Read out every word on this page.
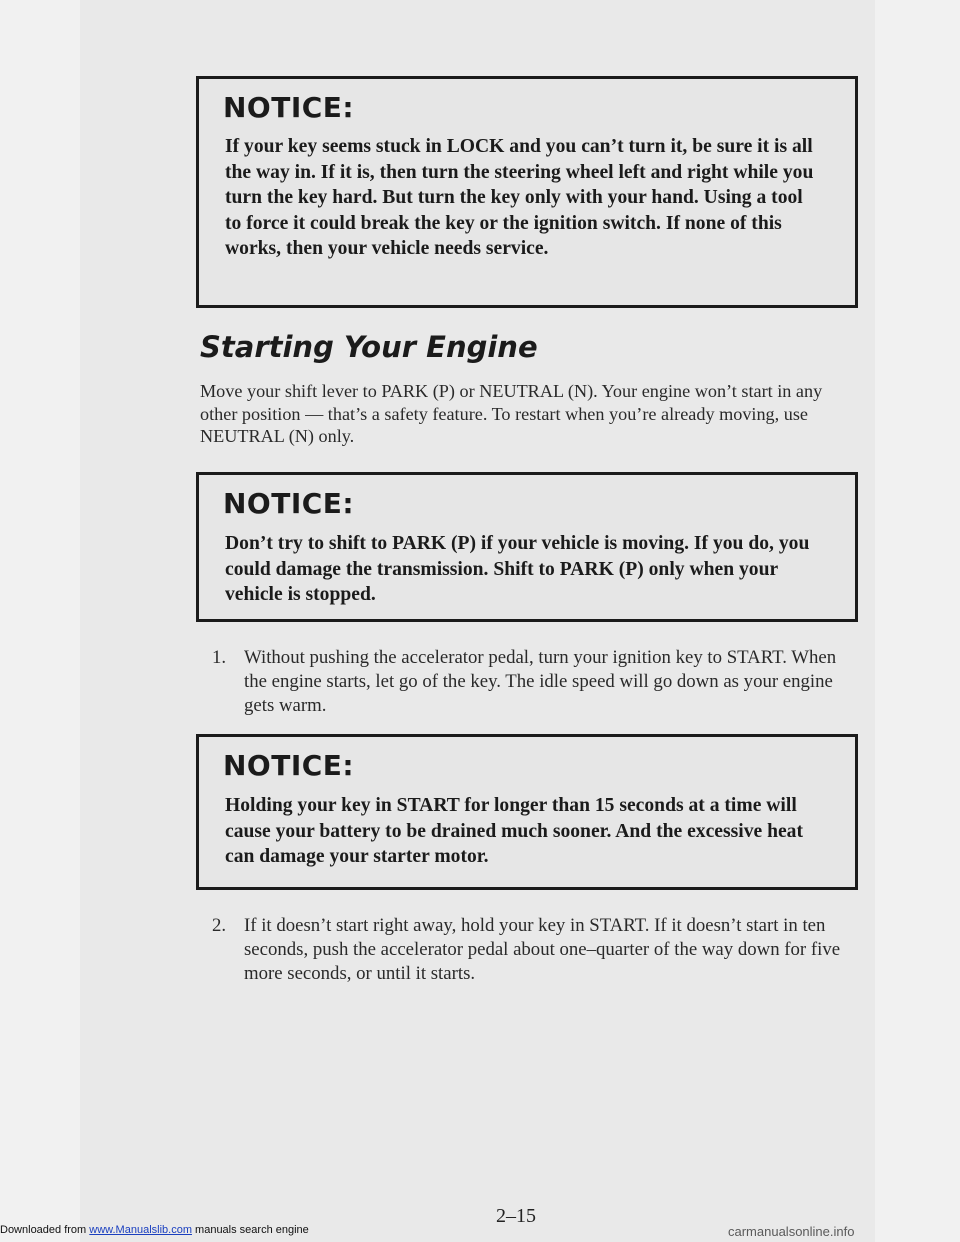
NOTICE:

If your key seems stuck in LOCK and you can’t turn it, be sure it is all the way in. If it is, then turn the steering wheel left and right while you turn the key hard. But turn the key only with your hand. Using a tool to force it could break the key or the ignition switch. If none of this works, then your vehicle needs service.

Starting Your Engine

Move your shift lever to PARK (P) or NEUTRAL (N). Your engine won’t start in any other position — that’s a safety feature. To restart when you’re already moving, use NEUTRAL (N) only.

NOTICE:

Don’t try to shift to PARK (P) if your vehicle is moving. If you do, you could damage the transmission. Shift to PARK (P) only when your vehicle is stopped.

1. Without pushing the accelerator pedal, turn your ignition key to START. When the engine starts, let go of the key. The idle speed will go down as your engine gets warm.

NOTICE:

Holding your key in START for longer than 15 seconds at a time will cause your battery to be drained much sooner. And the excessive heat can damage your starter motor.

2. If it doesn’t start right away, hold your key in START. If it doesn’t start in ten seconds, push the accelerator pedal about one–quarter of the way down for five more seconds, or until it starts.

2–15
Downloaded from www.Manualslib.com manuals search engine	carmanualsonline.info
